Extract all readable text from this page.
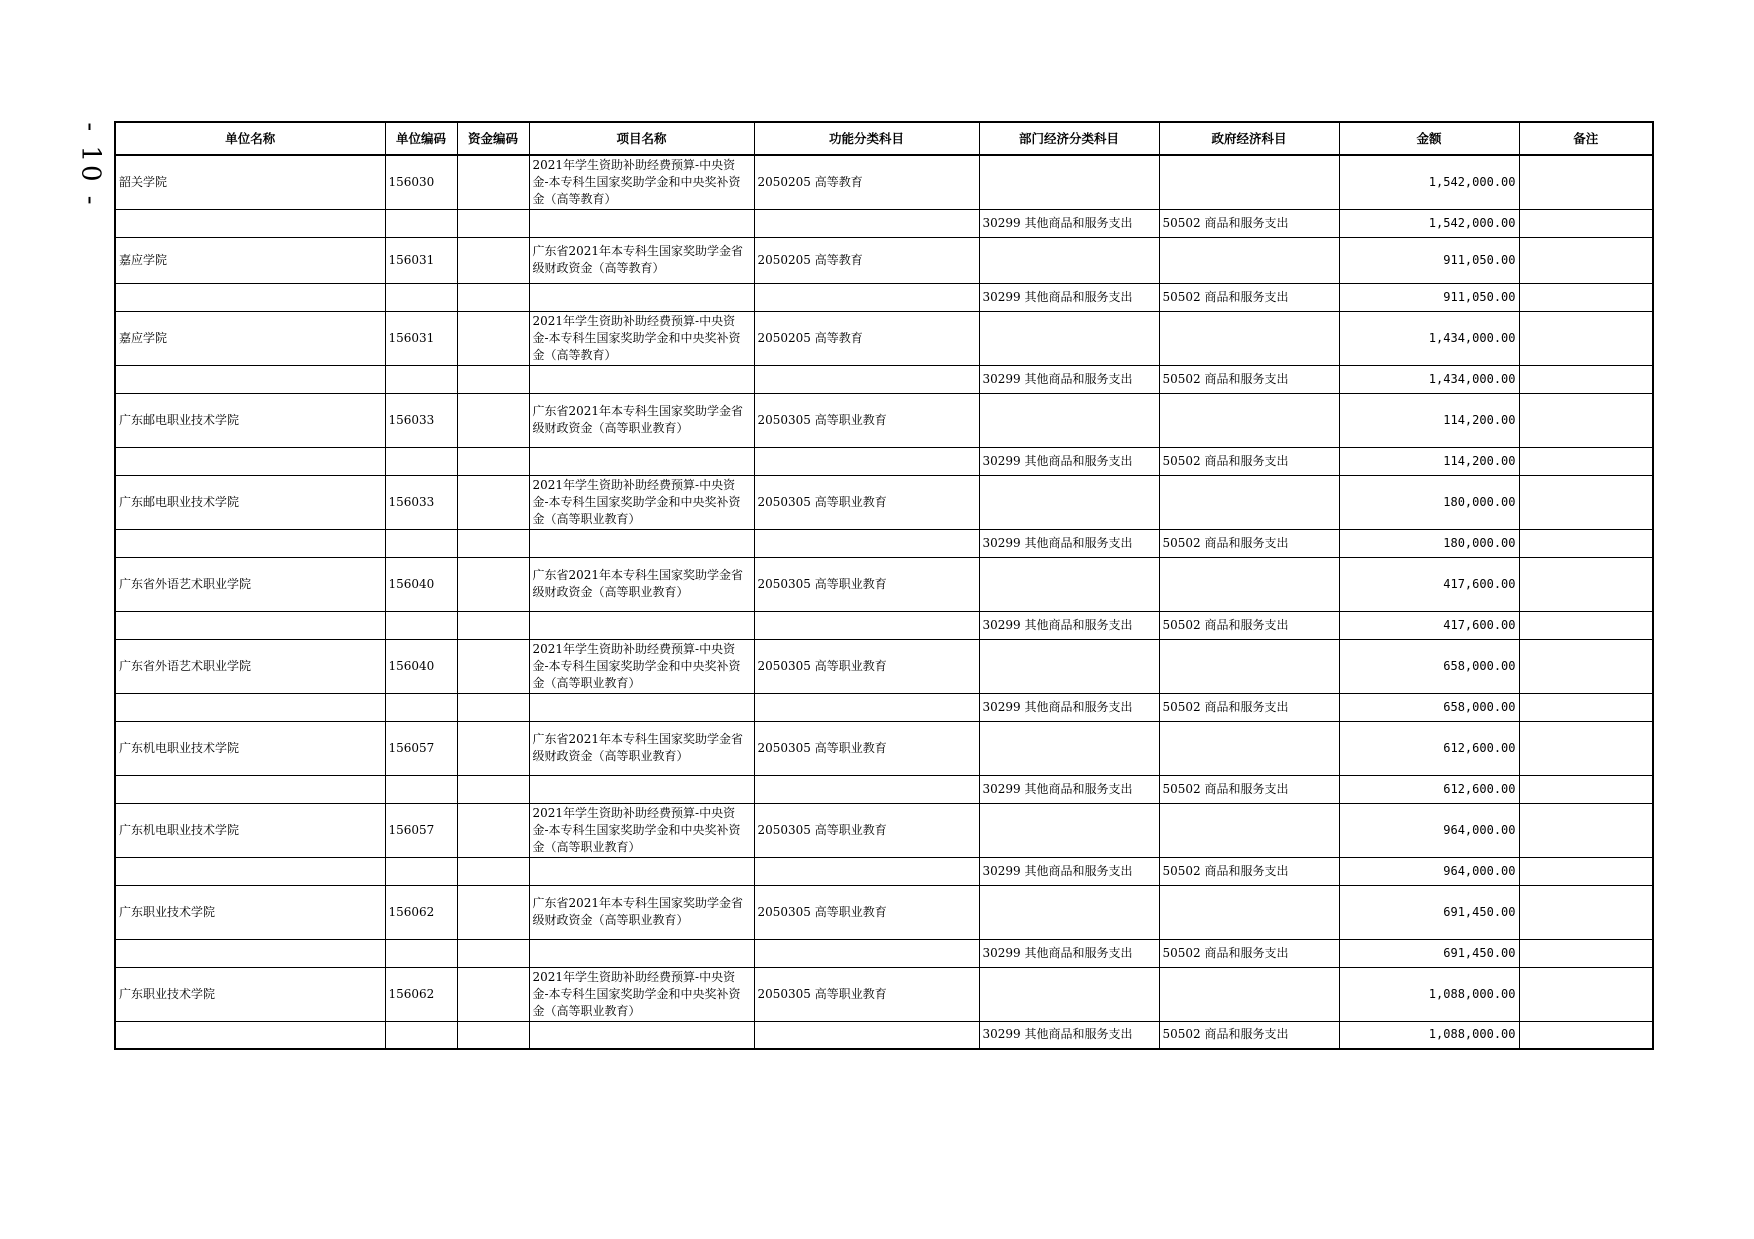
- 10 -	单位名称	单位编码	资金编码	项目名称	功能分类科目	部门经济分类科目	政府经济科目	金额	备注
韶关学院	156030		2021年学生资助补助经费预算-中央资金-本专科生国家奖助学金和中央奖补资金（高等教育）	2050205 高等教育			1,542,000.00	
					30299 其他商品和服务支出	50502 商品和服务支出	1,542,000.00	
嘉应学院	156031		广东省2021年本专科生国家奖助学金省级财政资金（高等教育）	2050205 高等教育			911,050.00	
					30299 其他商品和服务支出	50502 商品和服务支出	911,050.00	
嘉应学院	156031		2021年学生资助补助经费预算-中央资金-本专科生国家奖助学金和中央奖补资金（高等教育）	2050205 高等教育			1,434,000.00	
					30299 其他商品和服务支出	50502 商品和服务支出	1,434,000.00	
广东邮电职业技术学院	156033		广东省2021年本专科生国家奖助学金省级财政资金（高等职业教育）	2050305 高等职业教育			114,200.00	
					30299 其他商品和服务支出	50502 商品和服务支出	114,200.00	
广东邮电职业技术学院	156033		2021年学生资助补助经费预算-中央资金-本专科生国家奖助学金和中央奖补资金（高等职业教育）	2050305 高等职业教育			180,000.00	
					30299 其他商品和服务支出	50502 商品和服务支出	180,000.00	
广东省外语艺术职业学院	156040		广东省2021年本专科生国家奖助学金省级财政资金（高等职业教育）	2050305 高等职业教育			417,600.00	
					30299 其他商品和服务支出	50502 商品和服务支出	417,600.00	
广东省外语艺术职业学院	156040		2021年学生资助补助经费预算-中央资金-本专科生国家奖助学金和中央奖补资金（高等职业教育）	2050305 高等职业教育			658,000.00	
					30299 其他商品和服务支出	50502 商品和服务支出	658,000.00	
广东机电职业技术学院	156057		广东省2021年本专科生国家奖助学金省级财政资金（高等职业教育）	2050305 高等职业教育			612,600.00	
					30299 其他商品和服务支出	50502 商品和服务支出	612,600.00	
广东机电职业技术学院	156057		2021年学生资助补助经费预算-中央资金-本专科生国家奖助学金和中央奖补资金（高等职业教育）	2050305 高等职业教育			964,000.00	
					30299 其他商品和服务支出	50502 商品和服务支出	964,000.00	
广东职业技术学院	156062		广东省2021年本专科生国家奖助学金省级财政资金（高等职业教育）	2050305 高等职业教育			691,450.00	
					30299 其他商品和服务支出	50502 商品和服务支出	691,450.00	
广东职业技术学院	156062		2021年学生资助补助经费预算-中央资金-本专科生国家奖助学金和中央奖补资金（高等职业教育）	2050305 高等职业教育			1,088,000.00	
					30299 其他商品和服务支出	50502 商品和服务支出	1,088,000.00	
